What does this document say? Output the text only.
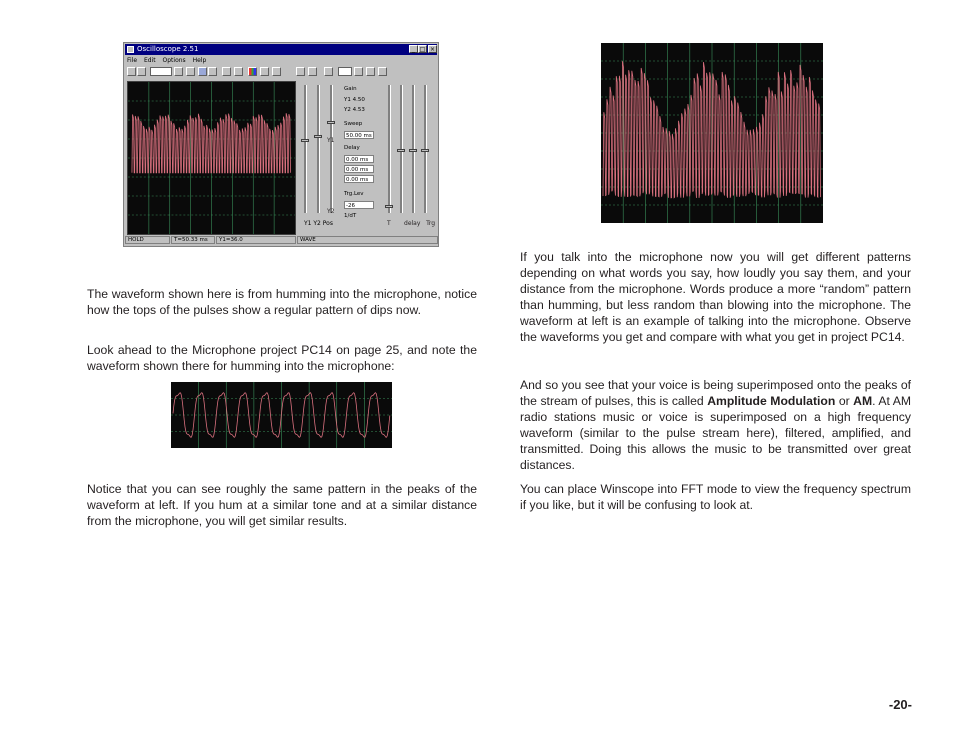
Oscilloscope 2.51	_ □ ×
File Edit Options Help
Y1
Y2
Y1 Y2 Pos
Gain
Y1 4.50
Y2 4.53
Sweep
50.00 ms
Delay
0.00 ms
0.00 ms
0.00 ms
Trg.Lev
-26
1/dT
T       delay   Trg
HOLD	T=50.33 ms	Y1=36.0	WAVE

The waveform shown here is from humming into the microphone, notice how the tops of the pulses show a regular pattern of dips now.

Look ahead to the Microphone project PC14 on page 25, and note the waveform shown there for humming into the microphone:

Notice that you can see roughly the same pattern in the peaks of the waveform at left. If you hum at a similar tone and at a similar distance from the microphone, you will get similar results.

If you talk into the microphone now you will get different patterns depending on what words you say, how loudly you say them, and your distance from the microphone. Words produce a more “random” pattern than humming, but less random than blowing into the microphone. The waveform at left is an example of talking into the microphone. Observe the waveforms you get and compare with what you get in project PC14.

And so you see that your voice is being superimposed onto the peaks of the stream of pulses, this is called Amplitude Modulation or AM. At AM radio stations music or voice is superimposed on a high frequency waveform (similar to the pulse stream here), filtered, amplified, and transmitted. Doing this allows the music to be transmitted over great distances.

You can place Winscope into FFT mode to view the frequency spectrum if you like, but it will be confusing to look at.

-20-
